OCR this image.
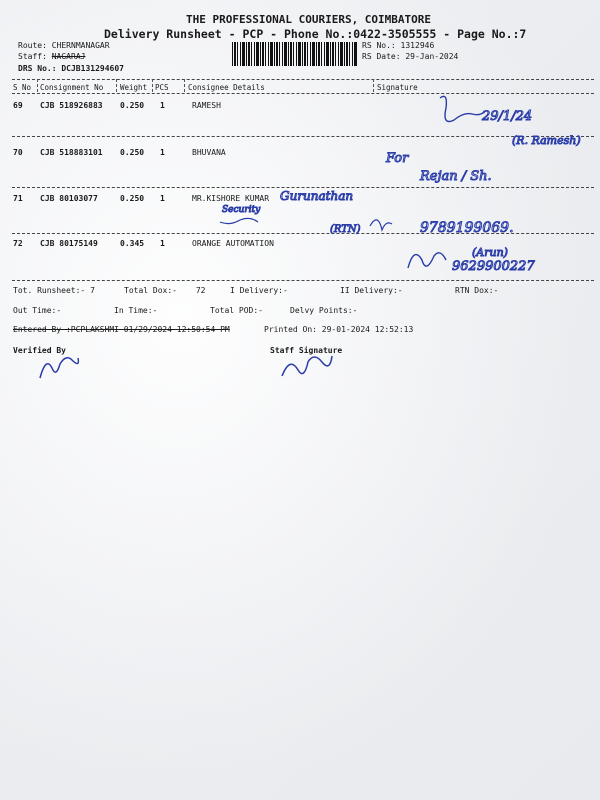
THE PROFESSIONAL COURIERS, COIMBATORE
Delivery Runsheet - PCP - Phone No.:0422-3505555 - Page No.:7
Route: CHERNMANAGAR
Staff: NAGARAJ
DRS No.: DCJB131294607
RS No.: 1312946
RS Date: 29-Jan-2024
S No Consignment No Weight PCS	Consignee Details	Signature
69 CJB 518926883 0.250 1	RAMESH
70 CJB 518883101 0.250 1	BHUVANA
71 CJB 80103077	0.250 1	MR.KISHORE KUMAR
72 CJB 80175149	0.345 1	ORANGE AUTOMATION
Tot. Runsheet:- 7	Total Dox:- 72	I Delivery:-	II Delivery:-	RTN Dox:-
Out Time:-	In Time:-	Total POD:-	Delvy Points:-
Entered By :PCPLAKSHMI 01/29/2024 12:50:54 PM	Printed On: 29-01-2024 12:52:13
Verified By	Staff Signature
29/1/24
(R. Ramesh)
For
Rejan / Sh.
Gurunathan
Security
(RTN)	9789199069.
(Arun)
9629900227
